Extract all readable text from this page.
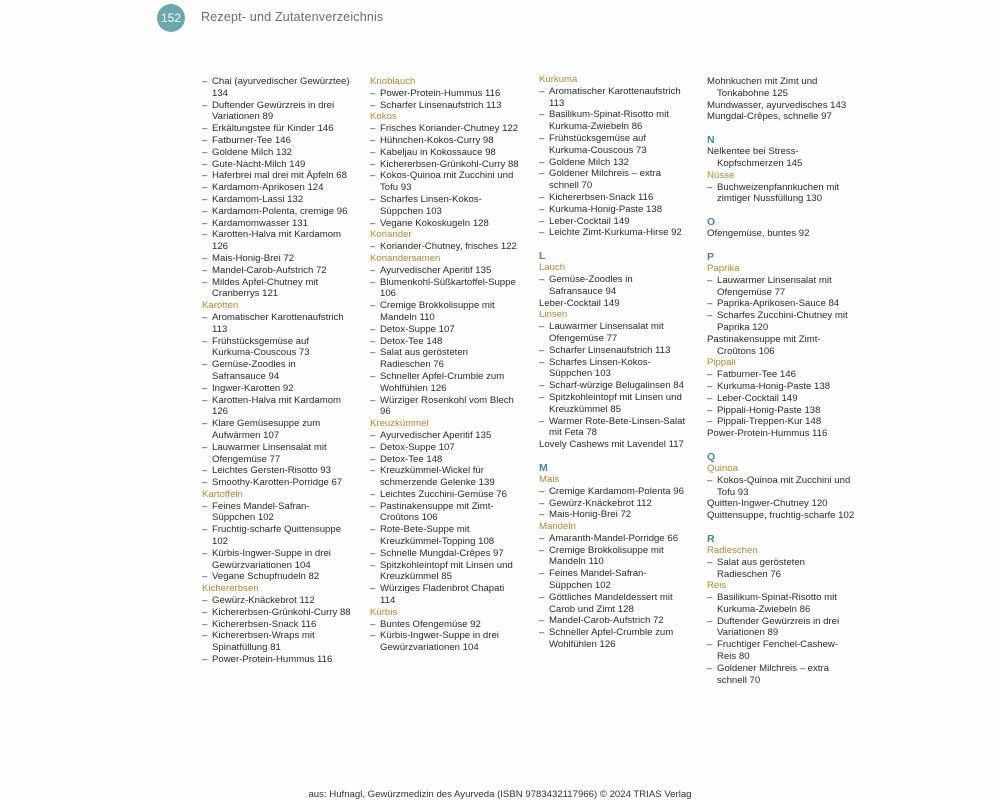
152	Rezept- und Zutatenverzeichnis
– Chai (ayurvedischer Gewürztee) 134
– Duftender Gewürzreis in drei Variationen 89
– Erkältungstee für Kinder 146
– Fatburner-Tee 146
– Goldene Milch 132
– Gute-Nacht-Milch 149
– Haferbrei mal drei mit Äpfeln 68
– Kardamom-Aprikosen 124
– Kardamom-Lassi 132
– Kardamom-Polenta, cremige 96
– Kardamomwasser 131
– Karotten-Halva mit Kardamom 126
– Mais-Honig-Brei 72
– Mandel-Carob-Aufstrich 72
– Mildes Apfel-Chutney mit Cranberrys 121
Karotten
– Aromatischer Karottenaufstrich 113
– Frühstücksgemüse auf Kurkuma-Couscous 73
– Gemüse-Zoodles in Safransauce 94
– Ingwer-Karotten 92
– Karotten-Halva mit Kardamom 126
– Klare Gemüsesuppe zum Aufwärmen 107
– Lauwarmer Linsensalat mit Ofengemüse 77
– Leichtes Gersten-Risotto 93
– Smoothy-Karotten-Porridge 67
Kartoffeln
– Feines Mandel-Safran-Süppchen 102
– Fruchtig-scharfe Quittensuppe 102
– Kürbis-Ingwer-Suppe in drei Gewürzvariationen 104
– Vegane Schupfnudeln 82
Kichererbsen
– Gewürz-Knäckebrot 112
– Kichererbsen-Grünkohl-Curry 88
– Kichererbsen-Snack 116
– Kichererbsen-Wraps mit Spinatfüllung 81
– Power-Protein-Hummus 116
Knoblauch
– Power-Protein-Hummus 116
– Scharfer Linsenaufstrich 113
Kokos
– Frisches Koriander-Chutney 122
– Hühnchen-Kokos-Curry 98
– Kabeljau in Kokossauce 98
– Kichererbsen-Grünkohl-Curry 88
– Kokos-Quinoa mit Zucchini und Tofu 93
– Scharfes Linsen-Kokos-Süppchen 103
– Vegane Kokoskugeln 128
Koriander
– Koriander-Chutney, frisches 122
Koriandersamen
– Ayurvedischer Aperitif 135
– Blumenkohl-Süßkartoffel-Suppe 106
– Cremige Brokkolisuppe mit Mandeln 110
– Detox-Suppe 107
– Detox-Tee 148
– Salat aus gerösteten Radieschen 76
– Schneller Apfel-Crumble zum Wohlfühlen 126
– Würziger Rosenkohl vom Blech 96
Kreuzkümmel
– Ayurvedischer Aperitif 135
– Detox-Suppe 107
– Detox-Tee 148
– Kreuzkümmel-Wickel für schmerzende Gelenke 139
– Leichtes Zucchini-Gemüse 76
– Pastinakensuppe mit Zimt-Croûtons 106
– Rote-Bete-Suppe mit Kreuzkümmel-Topping 108
– Schnelle Mungdal-Crêpes 97
– Spitzkohleintopf mit Linsen und Kreuzkümmel 85
– Würziges Fladenbrot Chapati 114
Kürbis
– Buntes Ofengemüse 92
– Kürbis-Ingwer-Suppe in drei Gewürzvariationen 104
Kurkuma
– Aromatischer Karottenaufstrich 113
– Basilikum-Spinat-Risotto mit Kurkuma-Zwiebeln 86
– Frühstücksgemüse auf Kurkuma-Couscous 73
– Goldene Milch 132
– Goldener Milchreis – extra schnell 70
– Kichererbsen-Snack 116
– Kurkuma-Honig-Paste 138
– Leber-Cocktail 149
– Leichte Zimt-Kurkuma-Hirse 92
L
Lauch
– Gemüse-Zoodles in Safransauce 94
Leber-Cocktail 149
Linsen
– Lauwarmer Linsensalat mit Ofengemüse 77
– Scharfer Linsenaufstrich 113
– Scharfes Linsen-Kokos-Süppchen 103
– Scharf-würzige Belugalinsen 84
– Spitzkohleintopf mit Linsen und Kreuzkümmel 85
– Warmer Rote-Bete-Linsen-Salat mit Feta 78
Lovely Cashews mit Lavendel 117
M
Mais
– Cremige Kardamom-Polenta 96
– Gewürz-Knäckebrot 112
– Mais-Honig-Brei 72
Mandeln
– Amaranth-Mandel-Porridge 66
– Cremige Brokkolisuppe mit Mandeln 110
– Feines Mandel-Safran-Süppchen 102
– Göttliches Mandeldessert mit Carob und Zimt 128
– Mandel-Carob-Aufstrich 72
– Schneller Apfel-Crumble zum Wohlfühlen 126
Mohnkuchen mit Zimt und Tonkabohne 125
Mundwasser, ayurvedisches 143
Mungdal-Crêpes, schnelle 97
N
Nelkentee bei Stress-Kopfschmerzen 145
Nüsse
– Buchweizenpfannkuchen mit zimtiger Nussfüllung 130
O
Ofengemüse, buntes 92
P
Paprika
– Lauwarmer Linsensalat mit Ofengemüse 77
– Paprika-Aprikosen-Sauce 84
– Scharfes Zucchini-Chutney mit Paprika 120
Pastinakensuppe mit Zimt-Croûtons 106
Pippali
– Fatburner-Tee 146
– Kurkuma-Honig-Paste 138
– Leber-Cocktail 149
– Pippali-Honig-Paste 138
– Pippali-Treppen-Kur 148
Power-Protein-Hummus 116
Q
Quinoa
– Kokos-Quinoa mit Zucchini und Tofu 93
Quitten-Ingwer-Chutney 120
Quittensuppe, fruchtig-scharfe 102
R
Radieschen
– Salat aus gerösteten Radieschen 76
Reis
– Basilikum-Spinat-Risotto mit Kurkuma-Zwiebeln 86
– Duftender Gewürzreis in drei Variationen 89
– Fruchtiger Fenchel-Cashew-Reis 80
– Goldener Milchreis – extra schnell 70
aus: Hufnagl, Gewürzmedizin des Ayurveda (ISBN 9783432117966) © 2024 TRIAS Verlag
